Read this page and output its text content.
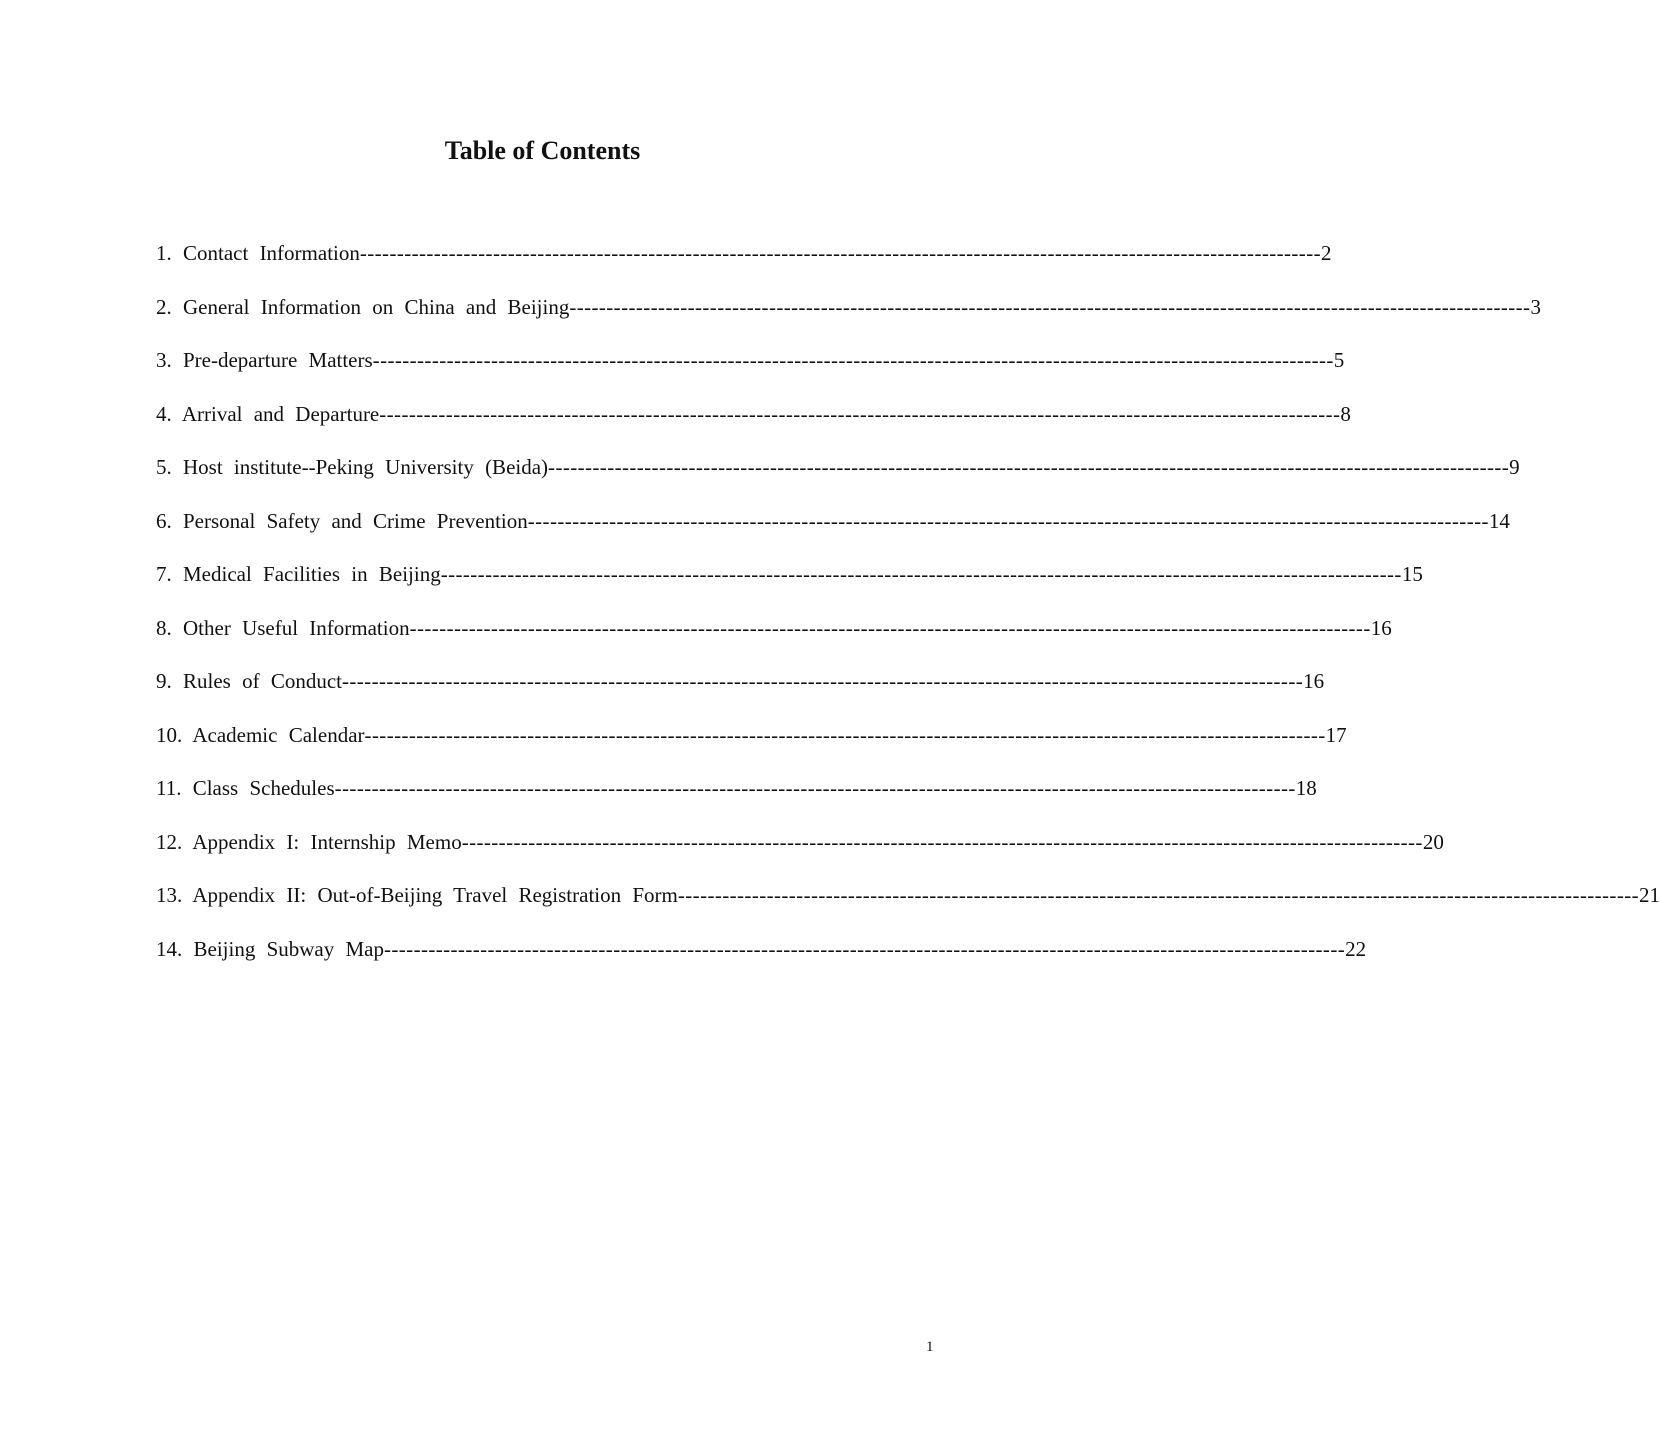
Table of Contents
1. Contact Information ---------------------------------------------------------------------------------------------------------------------------------- 2
2. General Information on China and Beijing ---------------------------------------------------------------------------------------------------------------------------------- 3
3. Pre-departure Matters ---------------------------------------------------------------------------------------------------------------------------------- 5
4. Arrival and Departure ---------------------------------------------------------------------------------------------------------------------------------- 8
5. Host institute--Peking University (Beida) ---------------------------------------------------------------------------------------------------------------------------------- 9
6. Personal Safety and Crime Prevention ---------------------------------------------------------------------------------------------------------------------------------- 14
7. Medical Facilities in Beijing ---------------------------------------------------------------------------------------------------------------------------------- 15
8. Other Useful Information ---------------------------------------------------------------------------------------------------------------------------------- 16
9. Rules of Conduct ---------------------------------------------------------------------------------------------------------------------------------- 16
10. Academic Calendar ---------------------------------------------------------------------------------------------------------------------------------- 17
11. Class Schedules ---------------------------------------------------------------------------------------------------------------------------------- 18
12. Appendix I: Internship Memo ---------------------------------------------------------------------------------------------------------------------------------- 20
13. Appendix II: Out-of-Beijing Travel Registration Form ---------------------------------------------------------------------------------------------------------------------------------- 21
14. Beijing Subway Map ---------------------------------------------------------------------------------------------------------------------------------- 22
1
